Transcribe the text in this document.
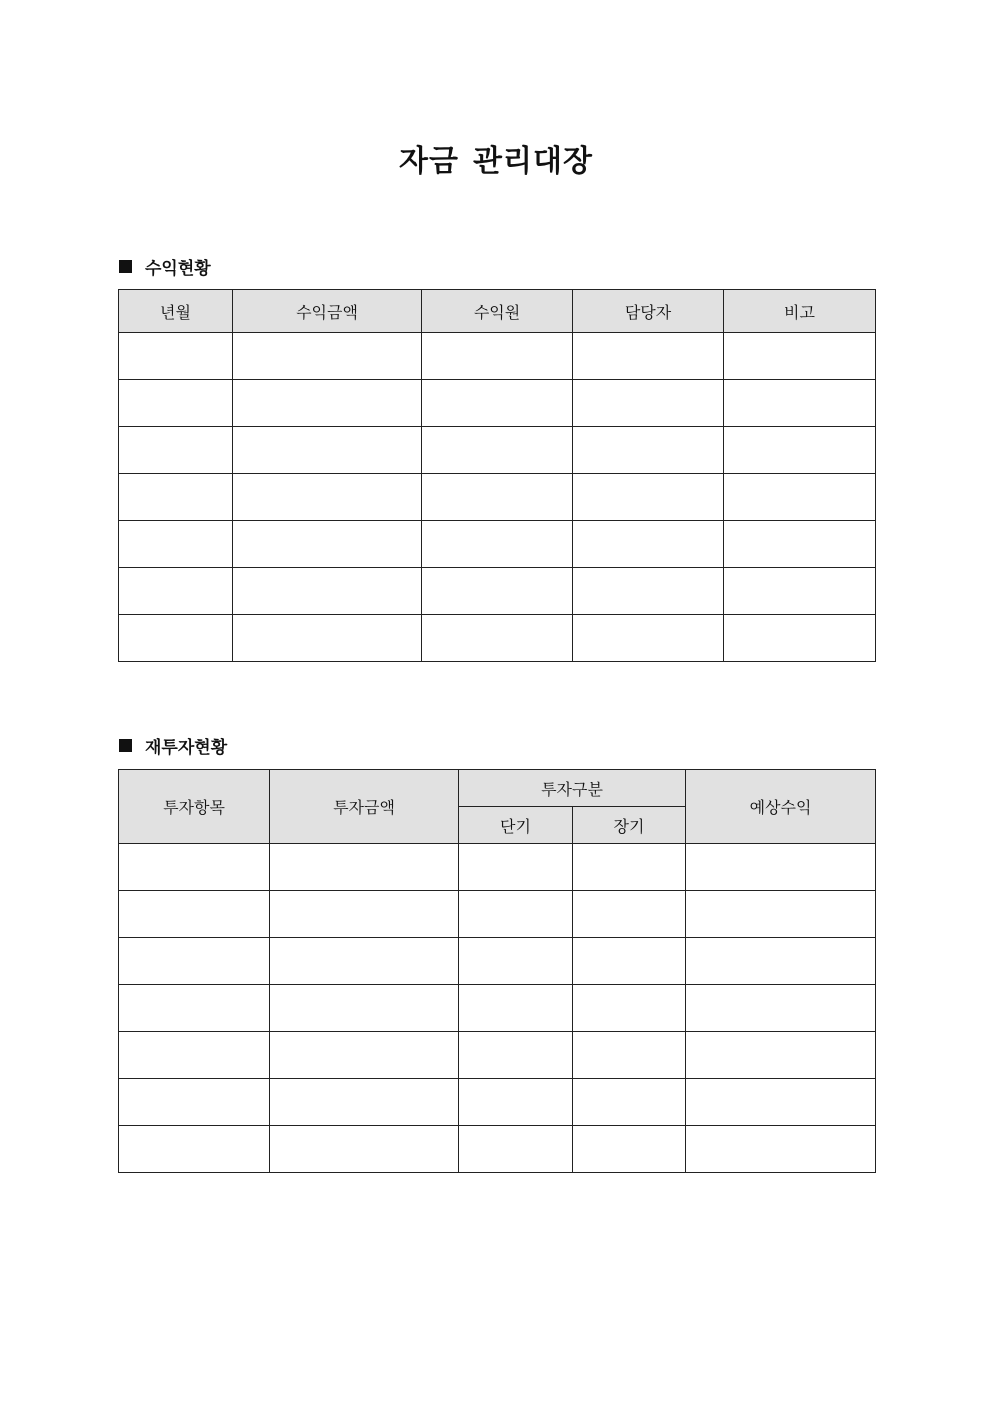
자금 관리대장
수익현황
년월	수익금액	수익원	담당자	비고

재투자현황
투자항목	투자금액	투자구분		예상수익
		단기	장기	
